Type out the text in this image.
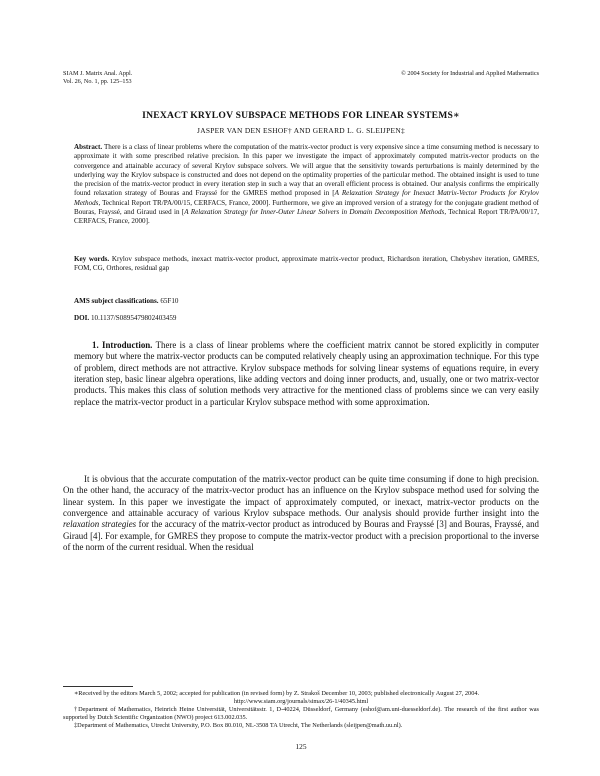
SIAM J. Matrix Anal. Appl.
Vol. 26, No. 1, pp. 125–153
© 2004 Society for Industrial and Applied Mathematics
INEXACT KRYLOV SUBSPACE METHODS FOR LINEAR SYSTEMS∗
JASPER VAN DEN ESHOF† AND GERARD L. G. SLEIJPEN‡
Abstract. There is a class of linear problems where the computation of the matrix-vector product is very expensive since a time consuming method is necessary to approximate it with some prescribed relative precision. In this paper we investigate the impact of approximately computed matrix-vector products on the convergence and attainable accuracy of several Krylov subspace solvers. We will argue that the sensitivity towards perturbations is mainly determined by the underlying way the Krylov subspace is constructed and does not depend on the optimality properties of the particular method. The obtained insight is used to tune the precision of the matrix-vector product in every iteration step in such a way that an overall efficient process is obtained. Our analysis confirms the empirically found relaxation strategy of Bouras and Frayssé for the GMRES method proposed in [A Relaxation Strategy for Inexact Matrix-Vector Products for Krylov Methods, Technical Report TR/PA/00/15, CERFACS, France, 2000]. Furthermore, we give an improved version of a strategy for the conjugate gradient method of Bouras, Frayssé, and Giraud used in [A Relaxation Strategy for Inner-Outer Linear Solvers in Domain Decomposition Methods, Technical Report TR/PA/00/17, CERFACS, France, 2000].
Key words. Krylov subspace methods, inexact matrix-vector product, approximate matrix-vector product, Richardson iteration, Chebyshev iteration, GMRES, FOM, CG, Orthores, residual gap
AMS subject classifications. 65F10
DOI. 10.1137/S0895479802403459

1. Introduction. There is a class of linear problems where the coefficient matrix cannot be stored explicitly in computer memory but where the matrix-vector products can be computed relatively cheaply using an approximation technique. For this type of problem, direct methods are not attractive. Krylov subspace methods for solving linear systems of equations require, in every iteration step, basic linear algebra operations, like adding vectors and doing inner products, and, usually, one or two matrix-vector products. This makes this class of solution methods very attractive for the mentioned class of problems since we can very easily replace the matrix-vector product in a particular Krylov subspace method with some approximation.

It is obvious that the accurate computation of the matrix-vector product can be quite time consuming if done to high precision. On the other hand, the accuracy of the matrix-vector product has an influence on the Krylov subspace method used for solving the linear system. In this paper we investigate the impact of approximately computed, or inexact, matrix-vector products on the convergence and attainable accuracy of various Krylov subspace methods. Our analysis should provide further insight into the relaxation strategies for the accuracy of the matrix-vector product as introduced by Bouras and Frayssé [3] and Bouras, Frayssé, and Giraud [4]. For example, for GMRES they propose to compute the matrix-vector product with a precision proportional to the inverse of the norm of the current residual. When the residual

∗Received by the editors March 5, 2002; accepted for publication (in revised form) by Z. Strakoš December 10, 2003; published electronically August 27, 2004.
http://www.siam.org/journals/simax/26-1/40345.html

†Department of Mathematics, Heinrich Heine Universität, Universitätsstr. 1, D-40224, Düsseldorf, Germany (eshof@am.uni-duesseldorf.de). The research of the first author was supported by Dutch Scientific Organization (NWO) project 613.002.035.

‡Department of Mathematics, Utrecht University, P.O. Box 80.010, NL-3508 TA Utrecht, The Netherlands (sleijpen@math.uu.nl).

125
